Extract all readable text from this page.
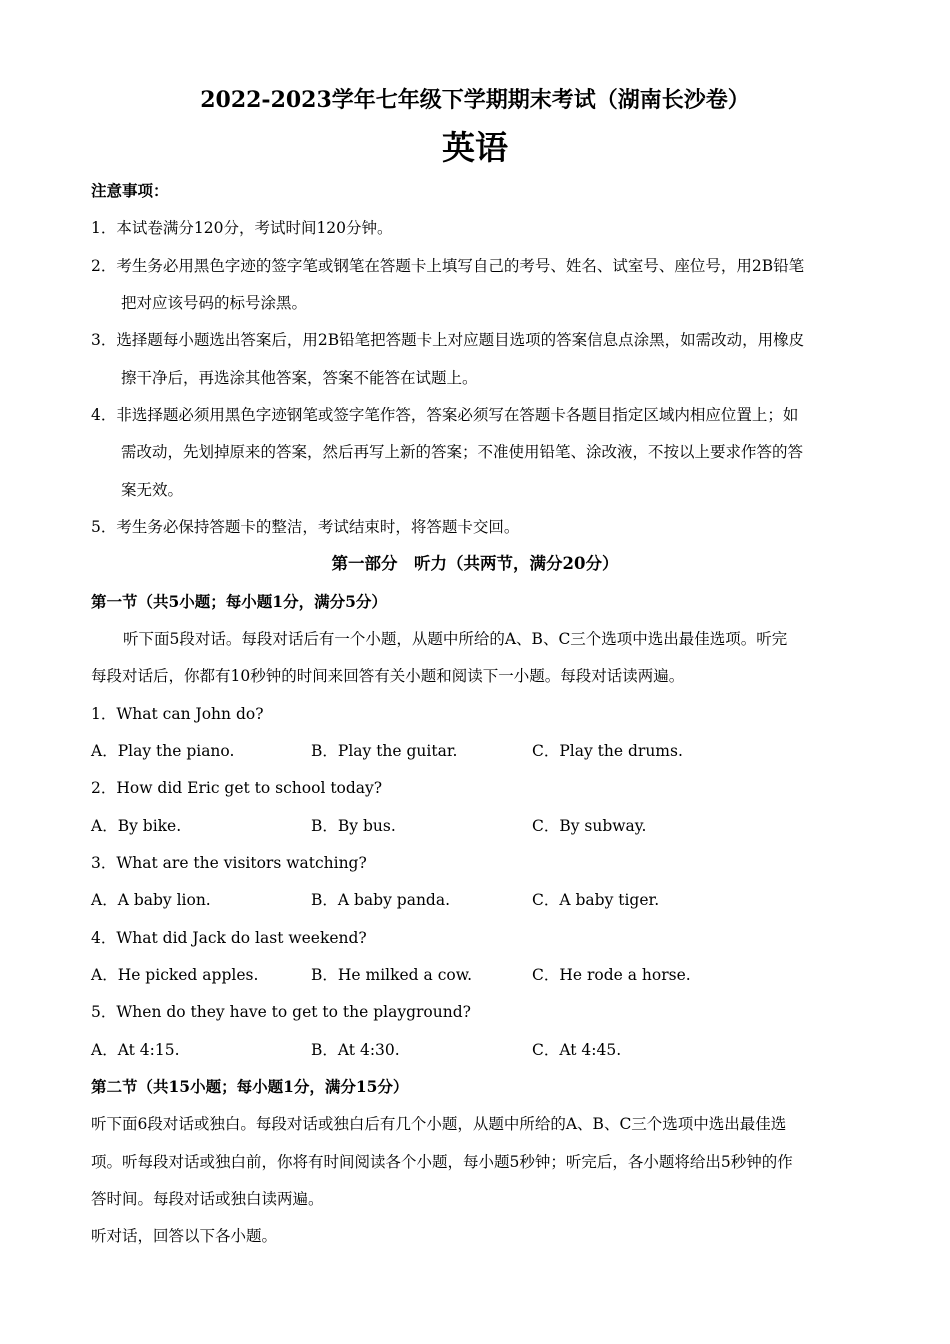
2022-2023学年七年级下学期期末考试（湖南长沙卷）
英语
注意事项：
1．本试卷满分120分，考试时间120分钟。
2．考生务必用黑色字迹的签字笔或钢笔在答题卡上填写自己的考号、姓名、试室号、座位号，用2B铅笔
把对应该号码的标号涂黑。
3．选择题每小题选出答案后，用2B铅笔把答题卡上对应题目选项的答案信息点涂黑，如需改动，用橡皮
擦干净后，再选涂其他答案，答案不能答在试题上。
4．非选择题必须用黑色字迹钢笔或签字笔作答，答案必须写在答题卡各题目指定区域内相应位置上；如
需改动，先划掉原来的答案，然后再写上新的答案；不准使用铅笔、涂改液，不按以上要求作答的答
案无效。
5．考生务必保持答题卡的整洁，考试结束时，将答题卡交回。
第一部分　听力（共两节，满分20分）
第一节（共5小题；每小题1分，满分5分）
听下面5段对话。每段对话后有一个小题，从题中所给的A、B、C三个选项中选出最佳选项。听完
每段对话后，你都有10秒钟的时间来回答有关小题和阅读下一小题。每段对话读两遍。
1．What can John do?
A．Play the piano.	B．Play the guitar.	C．Play the drums.
2．How did Eric get to school today?
A．By bike.	B．By bus.	C．By subway.
3．What are the visitors watching?
A．A baby lion.	B．A baby panda.	C．A baby tiger.
4．What did Jack do last weekend?
A．He picked apples.	B．He milked a cow.	C．He rode a horse.
5．When do they have to get to the playground?
A．At 4:15.	B．At 4:30.	C．At 4:45.
第二节（共15小题；每小题1分，满分15分）
听下面6段对话或独白。每段对话或独白后有几个小题，从题中所给的A、B、C三个选项中选出最佳选
项。听每段对话或独白前，你将有时间阅读各个小题，每小题5秒钟；听完后，各小题将给出5秒钟的作
答时间。每段对话或独白读两遍。
听对话，回答以下各小题。
